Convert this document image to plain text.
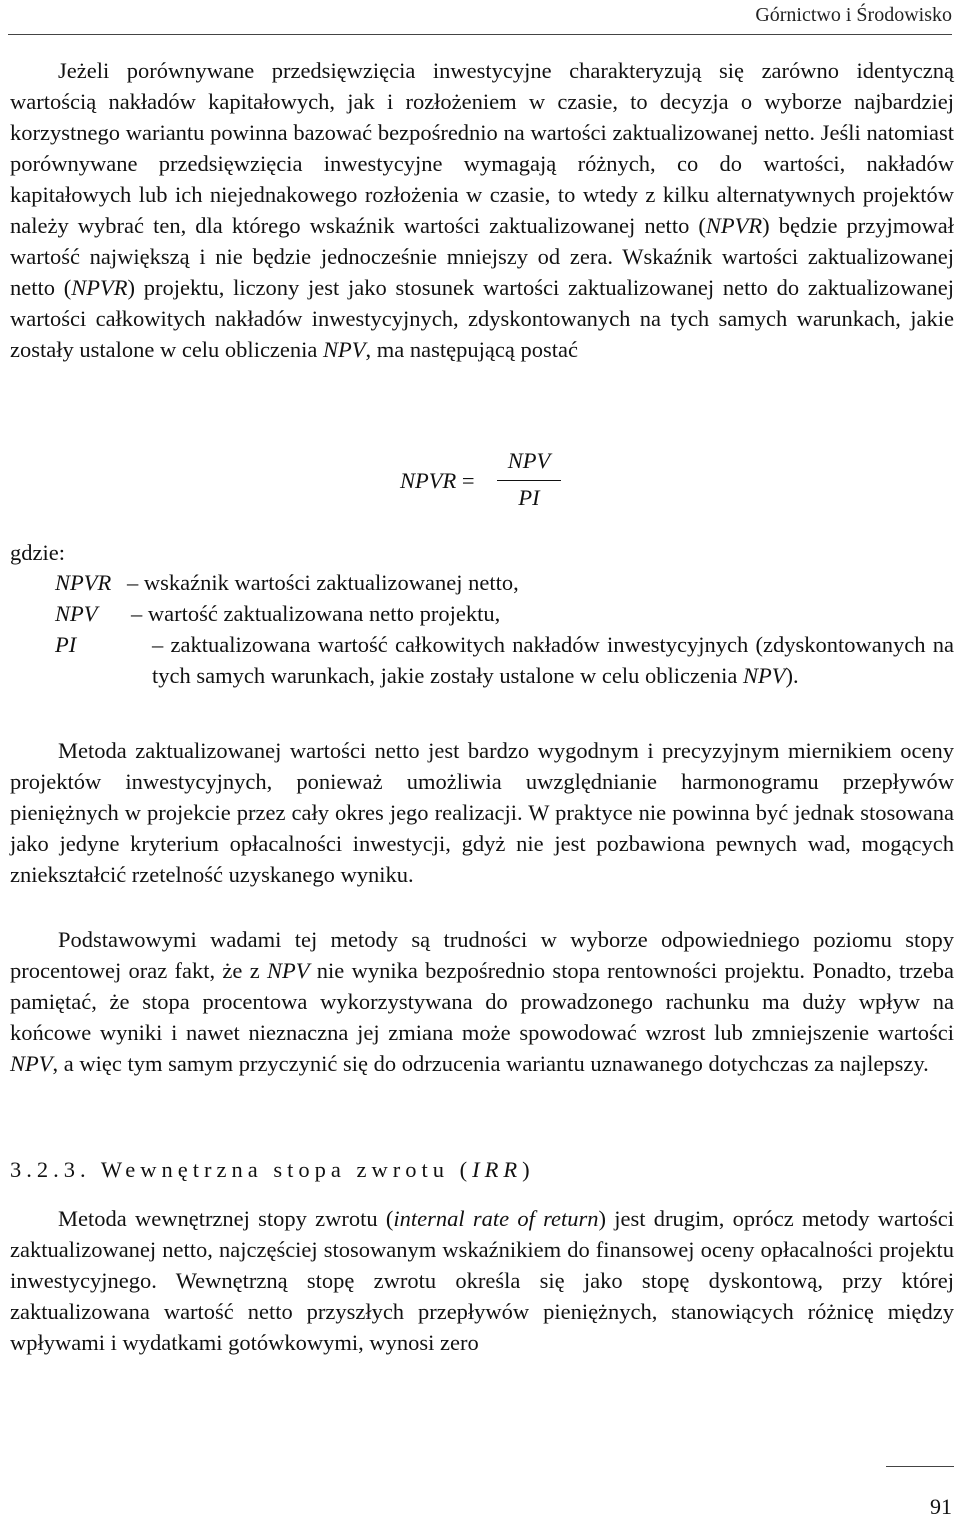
Górnictwo i Środowisko

Jeżeli porównywane przedsięwzięcia inwestycyjne charakteryzują się zarówno identyczną wartością nakładów kapitałowych, jak i rozłożeniem w czasie, to decyzja o wyborze najbardziej korzystnego wariantu powinna bazować bezpośrednio na wartości zaktualizowanej netto. Jeśli natomiast porównywane przedsięwzięcia inwestycyjne wymagają różnych, co do wartości, nakładów kapitałowych lub ich niejednakowego rozłożenia w czasie, to wtedy z kilku alternatywnych projektów należy wybrać ten, dla którego wskaźnik wartości zaktualizowanej netto (NPVR) będzie przyjmował wartość największą i nie będzie jednocześnie mniejszy od zera. Wskaźnik wartości zaktualizowanej netto (NPVR) projektu, liczony jest jako stosunek wartości zaktualizowanej netto do zaktualizowanej wartości całkowitych nakładów inwestycyjnych, zdyskontowanych na tych samych warunkach, jakie zostały ustalone w celu obliczenia NPV, ma następującą postać

NPVR =
NPV
PI
gdzie:
NPVR – wskaźnik wartości zaktualizowanej netto,
NPV – wartość zaktualizowana netto projektu,
PI	– zaktualizowana wartość całkowitych nakładów inwestycyjnych (zdyskontowanych na tych samych warunkach, jakie zostały ustalone w celu obliczenia NPV).

Metoda zaktualizowanej wartości netto jest bardzo wygodnym i precyzyjnym miernikiem oceny projektów inwestycyjnych, ponieważ umożliwia uwzględnianie harmonogramu przepływów pieniężnych w projekcie przez cały okres jego realizacji. W praktyce nie powinna być jednak stosowana jako jedyne kryterium opłacalności inwestycji, gdyż nie jest pozbawiona pewnych wad, mogących zniekształcić rzetelność uzyskanego wyniku.

Podstawowymi wadami tej metody są trudności w wyborze odpowiedniego poziomu stopy procentowej oraz fakt, że z NPV nie wynika bezpośrednio stopa rentowności projektu. Ponadto, trzeba pamiętać, że stopa procentowa wykorzystywana do prowadzonego rachunku ma duży wpływ na końcowe wyniki i nawet nieznaczna jej zmiana może spowodować wzrost lub zmniejszenie wartości NPV, a więc tym samym przyczynić się do odrzucenia wariantu uznawanego dotychczas za najlepszy.

3.2.3. Wewnętrzna stopa zwrotu (IRR)

Metoda wewnętrznej stopy zwrotu (internal rate of return) jest drugim, oprócz metody wartości zaktualizowanej netto, najczęściej stosowanym wskaźnikiem do finansowej oceny opłacalności projektu inwestycyjnego. Wewnętrzną stopę zwrotu określa się jako stopę dyskontową, przy której zaktualizowana wartość netto przyszłych przepływów pieniężnych, stanowiących różnicę między wpływami i wydatkami gotówkowymi, wynosi zero

91
